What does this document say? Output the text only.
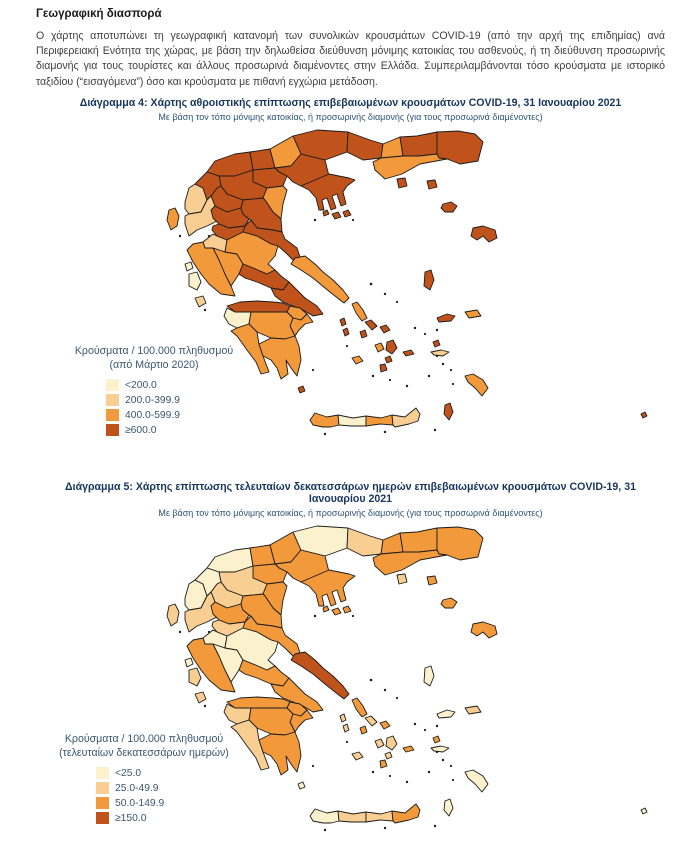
Γεωγραφική διασπορά

Ο χάρτης αποτυπώνει τη γεωγραφική κατανομή των συνολικών κρουσμάτων COVID-19 (από την αρχή της επιδημίας) ανά Περιφερειακή Ενότητα της χώρας, με βάση την δηλωθείσα διεύθυνση μόνιμης κατοικίας του ασθενούς, ή τη διεύθυνση προσωρινής διαμονής για τους τουρίστες και άλλους προσωρινά διαμένοντες στην Ελλάδα. Συμπεριλαμβάνονται τόσο κρούσματα με ιστορικό ταξιδίου (“εισαγόμενα”) όσο και κρούσματα με πιθανή εγχώρια μετάδοση.

Διάγραμμα 4: Χάρτης αθροιστικής επίπτωσης επιβεβαιωμένων κρουσμάτων COVID-19, 31 Ιανουαρίου 2021
Με βάση τον τόπο μόνιμης κατοικίας, ή προσωρινής διαμονής (για τους προσωρινά διαμένοντες)
Κρούσματα / 100.000 πληθυσμού
(από Μάρτιο 2020)
<200.0
200.0-399.9
400.0-599.9
≥600.0
Διάγραμμα 5: Χάρτης επίπτωσης τελευταίων δεκατεσσάρων ημερών επιβεβαιωμένων κρουσμάτων COVID-19, 31 Ιανουαρίου 2021
Με βάση τον τόπο μόνιμης κατοικίας, ή προσωρινής διαμονής (για τους προσωρινά διαμένοντες)
Κρούσματα / 100.000 πληθυσμού
(τελευταίων δεκατεσσάρων ημερών)
<25.0
25.0-49.9
50.0-149.9
≥150.0
